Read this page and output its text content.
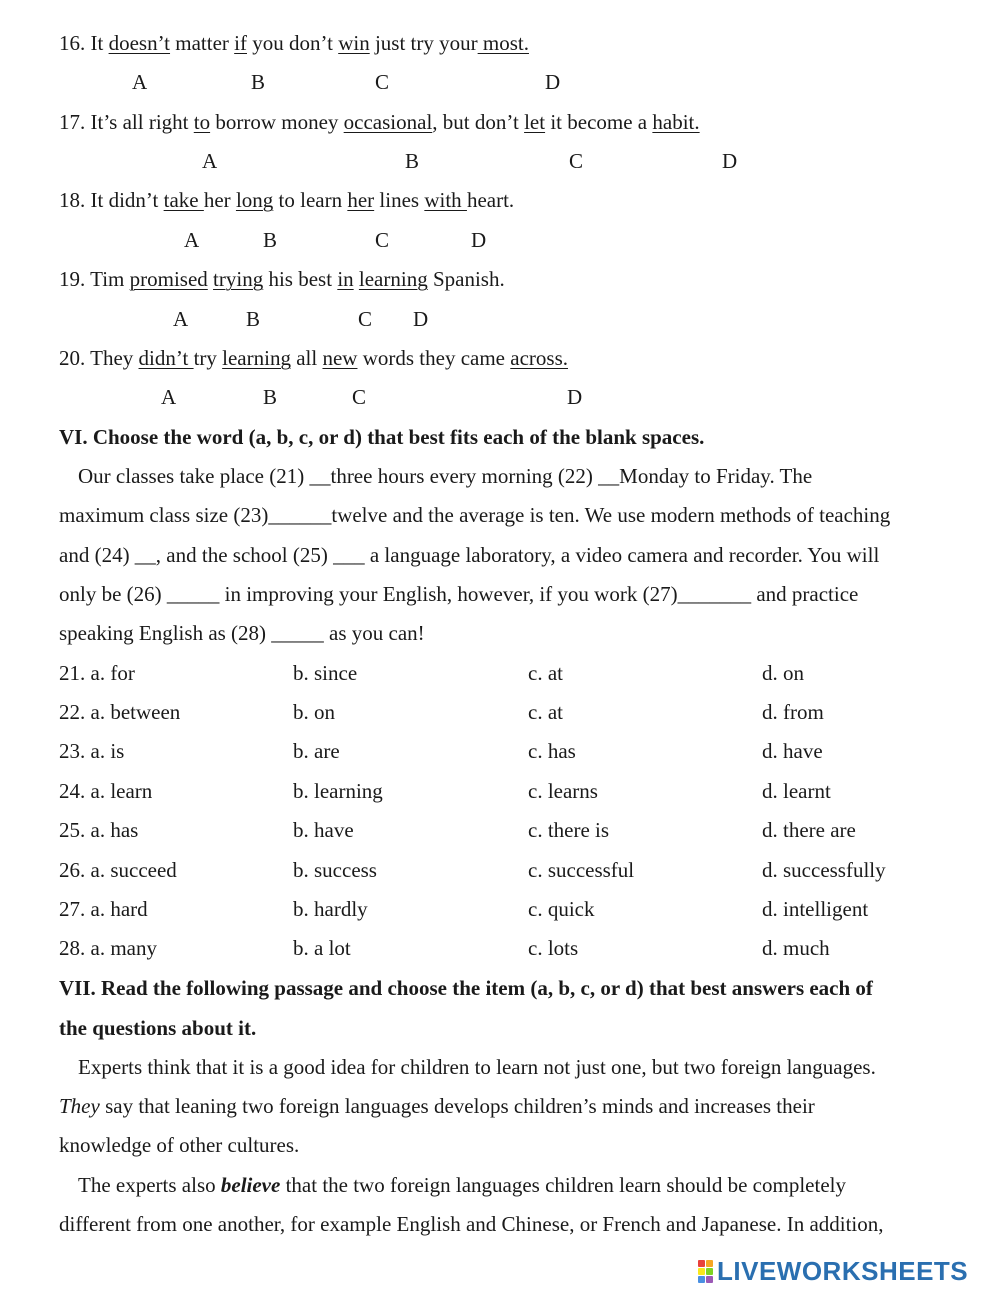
16. It doesn’t matter if you don’t win just try your most.
17. It’s all right to borrow money occasional, but don’t let it become a habit.
18. It didn’t take her long to learn her lines with heart.
19. Tim promised trying his best in learning Spanish.
20. They didn’t try learning all new words they came across.
VI. Choose the word (a, b, c, or d) that best fits each of the blank spaces.
Our classes take place (21) __three hours every morning (22) __Monday to Friday. The
maximum class size (23)______twelve and the average is ten. We use modern methods of teaching
and (24) __, and the school (25) ___ a language laboratory, a video camera and recorder. You will
only be (26) _____ in improving your English, however, if you work (27)_______ and practice
speaking English as (28) _____ as you can!
21. a. for	b. since	c. at	d. on
22. a. between	b. on	c. at	d. from
23. a. is	b. are	c. has	d. have
24. a. learn	b. learning	c. learns	d. learnt
25. a. has	b. have	c. there is	d. there are
26. a. succeed	b. success	c. successful	d. successfully
27. a. hard	b. hardly	c. quick	d. intelligent
28. a. many	b. a lot	c. lots	d. much
VII. Read the following passage and choose the item (a, b, c, or d) that best answers each of
the questions about it.
Experts think that it is a good idea for children to learn not just one, but two foreign languages.
They say that leaning two foreign languages develops children’s minds and increases their
knowledge of other cultures.
The experts also believe that the two foreign languages children learn should be completely
different from one another, for example English and Chinese, or French and Japanese. In addition,
LIVEWORKSHEETS
A	B	C	D
A	B	C	D
A	B	C	D
A	B	C D
A	B	C	D
